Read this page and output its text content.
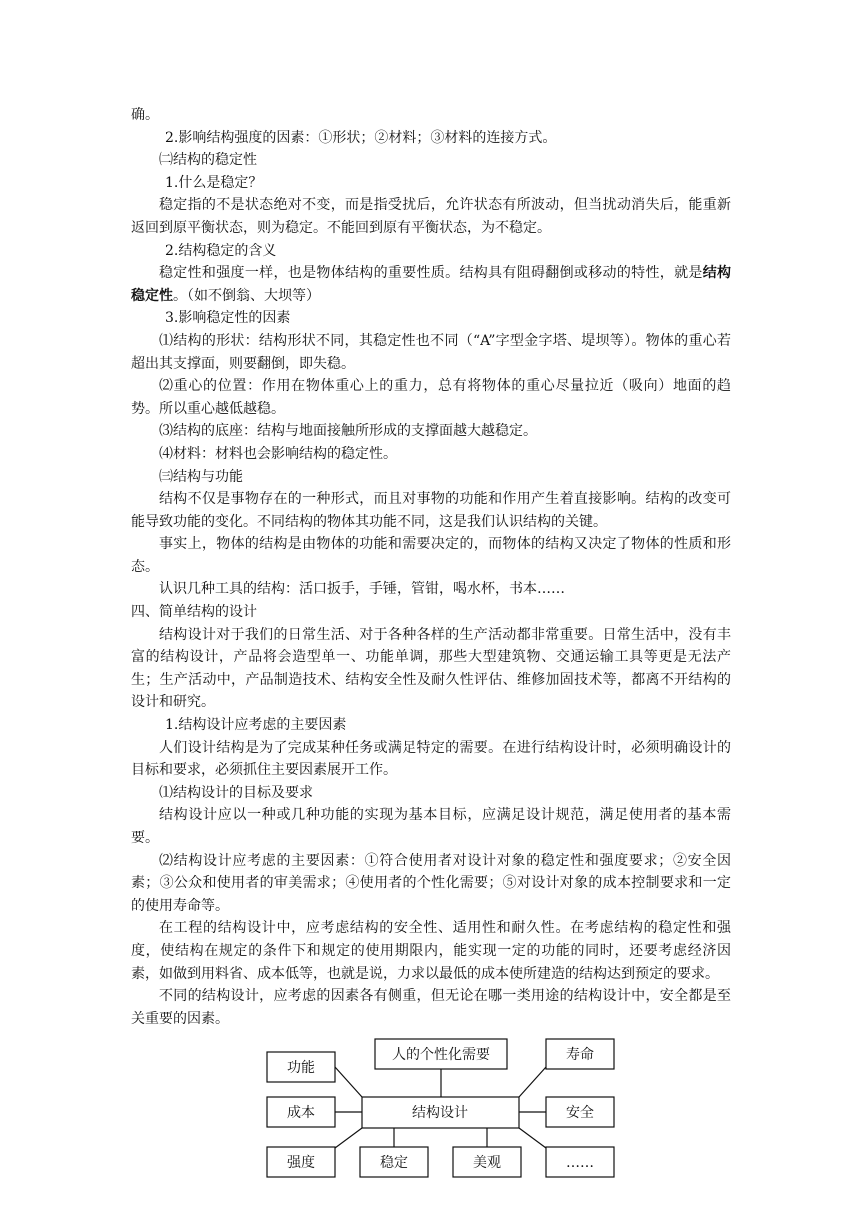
确。

2.影响结构强度的因素：①形状；②材料；③材料的连接方式。

㈡结构的稳定性

1.什么是稳定？

稳定指的不是状态绝对不变，而是指受扰后，允许状态有所波动，但当扰动消失后，能重新返回到原平衡状态，则为稳定。不能回到原有平衡状态，为不稳定。

2.结构稳定的含义

稳定性和强度一样，也是物体结构的重要性质。结构具有阻碍翻倒或移动的特性，就是结构稳定性。（如不倒翁、大坝等）

3.影响稳定性的因素

⑴结构的形状：结构形状不同，其稳定性也不同（“A”字型金字塔、堤坝等）。物体的重心若超出其支撑面，则要翻倒，即失稳。

⑵重心的位置：作用在物体重心上的重力，总有将物体的重心尽量拉近（吸向）地面的趋势。所以重心越低越稳。

⑶结构的底座：结构与地面接触所形成的支撑面越大越稳定。

⑷材料：材料也会影响结构的稳定性。

㈢结构与功能

结构不仅是事物存在的一种形式，而且对事物的功能和作用产生着直接影响。结构的改变可能导致功能的变化。不同结构的物体其功能不同，这是我们认识结构的关键。

事实上，物体的结构是由物体的功能和需要决定的，而物体的结构又决定了物体的性质和形态。

认识几种工具的结构：活口扳手，手锤，管钳，喝水杯，书本……

四、简单结构的设计

结构设计对于我们的日常生活、对于各种各样的生产活动都非常重要。日常生活中，没有丰富的结构设计，产品将会造型单一、功能单调，那些大型建筑物、交通运输工具等更是无法产生；生产活动中，产品制造技术、结构安全性及耐久性评估、维修加固技术等，都离不开结构的设计和研究。

1.结构设计应考虑的主要因素

人们设计结构是为了完成某种任务或满足特定的需要。在进行结构设计时，必须明确设计的目标和要求，必须抓住主要因素展开工作。

⑴结构设计的目标及要求

结构设计应以一种或几种功能的实现为基本目标，应满足设计规范，满足使用者的基本需要。

⑵结构设计应考虑的主要因素：①符合使用者对设计对象的稳定性和强度要求；②安全因素；③公众和使用者的审美需求；④使用者的个性化需要；⑤对设计对象的成本控制要求和一定的使用寿命等。

在工程的结构设计中，应考虑结构的安全性、适用性和耐久性。在考虑结构的稳定性和强度，使结构在规定的条件下和规定的使用期限内，能实现一定的功能的同时，还要考虑经济因素，如做到用料省、成本低等，也就是说，力求以最低的成本使所建造的结构达到预定的要求。

不同的结构设计，应考虑的因素各有侧重，但无论在哪一类用途的结构设计中，安全都是至关重要的因素。

功能
人的个性化需要	寿命
成本	结构设计	安全
强度	稳定	美观	……
